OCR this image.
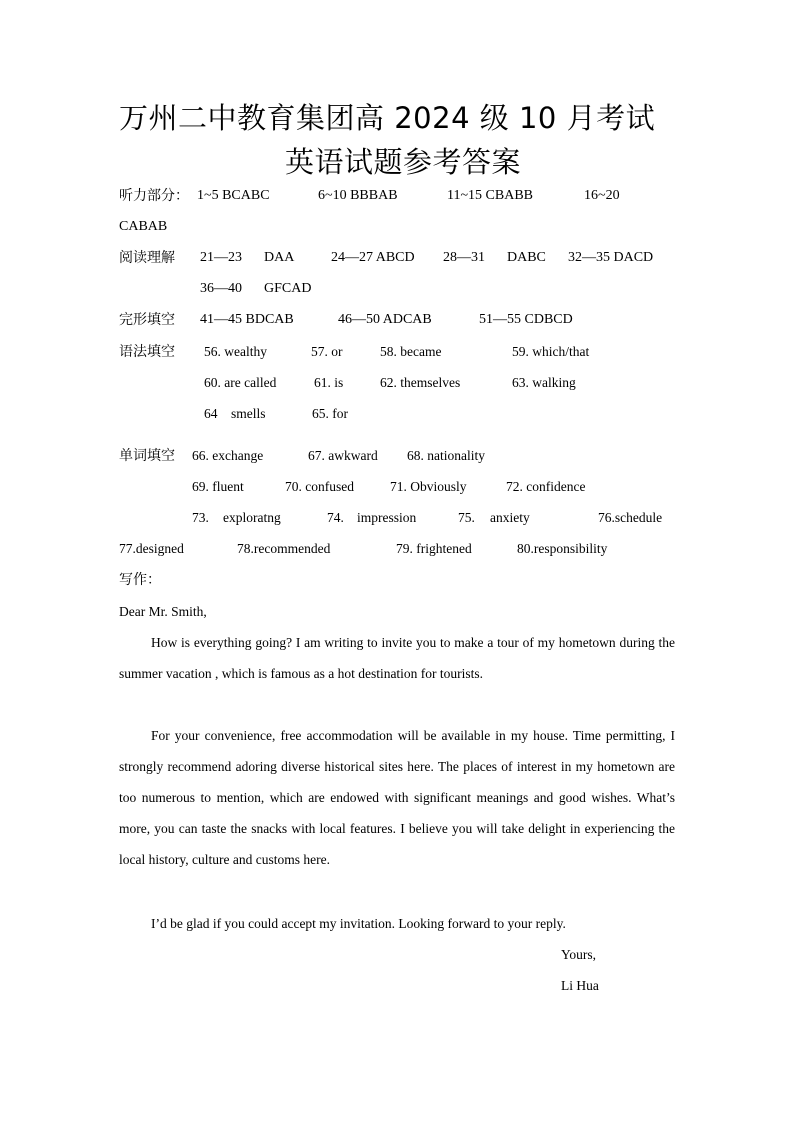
万州二中教育集团高 2024 级 10 月考试
英语试题参考答案
听力部分： 1~5 BCABC	6~10 BBBAB	11~15 CBABB	16~20
CABAB
阅读理解 21—23 DAA	24—27 ABCD 28—31 DABC 32—35 DACD
36—40 GFCAD
完形填空 41—45 BDCAB	46—50 ADCAB	51—55 CDBCD
语法填空 56. wealthy	57. or	58. became	59. which/that
60. are called	61. is	62. themselves	63. walking
64 smells	65. for
单词填空 66. exchange	67. awkward 68. nationality
69. fluent	70. confused	71. Obviously	72. confidence
73. exploratng	74. impression	75. anxiety	76.schedule
77.designed	78.recommended	79. frightened	80.responsibility
写作：
Dear Mr. Smith,
How is everything going? I am writing to invite you to make a tour of my hometown during the summer vacation , which is famous as a hot destination for tourists.
For your convenience, free accommodation will be available in my house. Time permitting, I strongly recommend adoring diverse historical sites here. The places of interest in my hometown are too numerous to mention, which are endowed with significant meanings and good wishes. What’s more, you can taste the snacks with local features. I believe you will take delight in experiencing the local history, culture and customs here.
I’d be glad if you could accept my invitation. Looking forward to your reply.
Yours,
Li Hua
